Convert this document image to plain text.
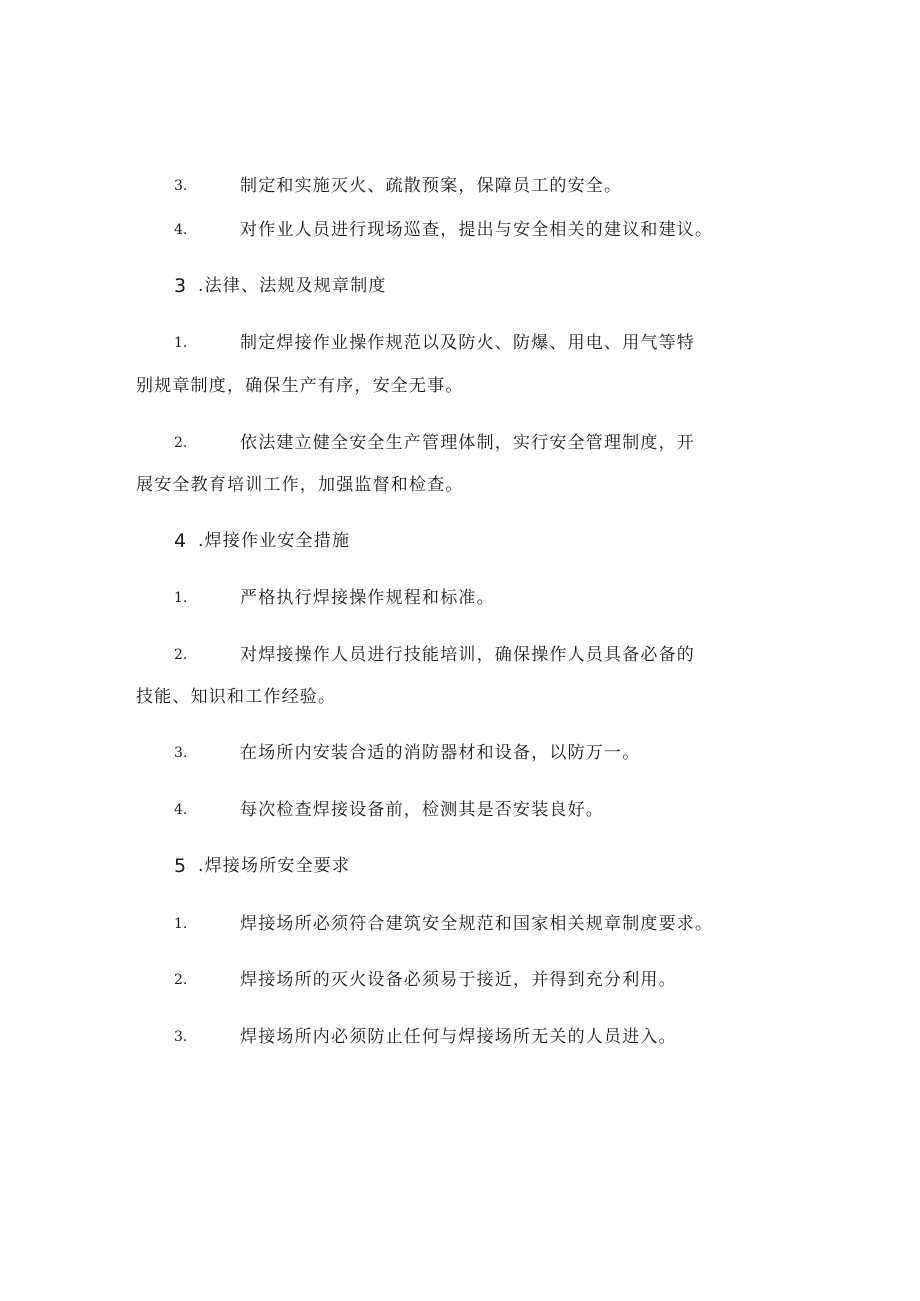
3.	制定和实施灭火、疏散预案，保障员工的安全。
4.	对作业人员进行现场巡查，提出与安全相关的建议和建议。
3 .法律、法规及规章制度
1.	制定焊接作业操作规范以及防火、防爆、用电、用气等特
别规章制度，确保生产有序，安全无事。
2.	依法建立健全安全生产管理体制，实行安全管理制度，开
展安全教育培训工作，加强监督和检查。
4 .焊接作业安全措施
1.	严格执行焊接操作规程和标准。
2.	对焊接操作人员进行技能培训，确保操作人员具备必备的
技能、知识和工作经验。
3.	在场所内安装合适的消防器材和设备，以防万一。
4.	每次检查焊接设备前，检测其是否安装良好。
5 .焊接场所安全要求
1.	焊接场所必须符合建筑安全规范和国家相关规章制度要求。
2.	焊接场所的灭火设备必须易于接近，并得到充分利用。
3.	焊接场所内必须防止任何与焊接场所无关的人员进入。
